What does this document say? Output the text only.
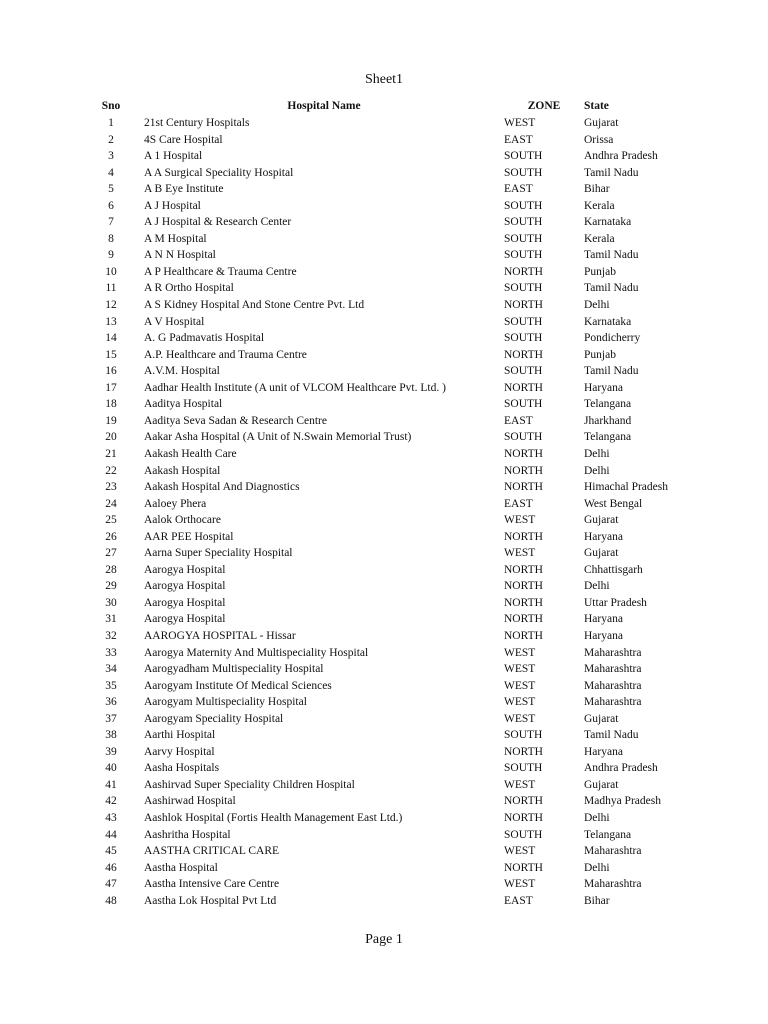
Sheet1
Sno	Hospital Name	ZONE	State
1	21st Century Hospitals	WEST	Gujarat
2	4S Care Hospital	EAST	Orissa
3	A 1 Hospital	SOUTH	Andhra Pradesh
4	A A Surgical Speciality Hospital	SOUTH	Tamil Nadu
5	A B Eye Institute	EAST	Bihar
6	A J Hospital	SOUTH	Kerala
7	A J Hospital & Research Center	SOUTH	Karnataka
8	A M Hospital	SOUTH	Kerala
9	A N N Hospital	SOUTH	Tamil Nadu
10	A P Healthcare & Trauma Centre	NORTH	Punjab
11	A R Ortho Hospital	SOUTH	Tamil Nadu
12	A S Kidney Hospital And Stone Centre Pvt. Ltd	NORTH	Delhi
13	A V Hospital	SOUTH	Karnataka
14	A. G Padmavatis Hospital	SOUTH	Pondicherry
15	A.P. Healthcare and Trauma Centre	NORTH	Punjab
16	A.V.M. Hospital	SOUTH	Tamil Nadu
17	Aadhar Health Institute (A unit of VLCOM Healthcare Pvt. Ltd. )	NORTH	Haryana
18	Aaditya Hospital	SOUTH	Telangana
19	Aaditya Seva Sadan & Research Centre	EAST	Jharkhand
20	Aakar Asha Hospital (A Unit of N.Swain Memorial Trust)	SOUTH	Telangana
21	Aakash Health Care	NORTH	Delhi
22	Aakash Hospital	NORTH	Delhi
23	Aakash Hospital And Diagnostics	NORTH	Himachal Pradesh
24	Aaloey Phera	EAST	West Bengal
25	Aalok Orthocare	WEST	Gujarat
26	AAR PEE Hospital	NORTH	Haryana
27	Aarna Super Speciality Hospital	WEST	Gujarat
28	Aarogya Hospital	NORTH	Chhattisgarh
29	Aarogya Hospital	NORTH	Delhi
30	Aarogya Hospital	NORTH	Uttar Pradesh
31	Aarogya Hospital	NORTH	Haryana
32	AAROGYA HOSPITAL - Hissar	NORTH	Haryana
33	Aarogya Maternity And Multispeciality Hospital	WEST	Maharashtra
34	Aarogyadham Multispeciality Hospital	WEST	Maharashtra
35	Aarogyam Institute Of Medical Sciences	WEST	Maharashtra
36	Aarogyam Multispeciality Hospital	WEST	Maharashtra
37	Aarogyam Speciality Hospital	WEST	Gujarat
38	Aarthi Hospital	SOUTH	Tamil Nadu
39	Aarvy Hospital	NORTH	Haryana
40	Aasha Hospitals	SOUTH	Andhra Pradesh
41	Aashirvad Super Speciality Children Hospital	WEST	Gujarat
42	Aashirwad Hospital	NORTH	Madhya Pradesh
43	Aashlok Hospital (Fortis Health Management East Ltd.)	NORTH	Delhi
44	Aashritha Hospital	SOUTH	Telangana
45	AASTHA CRITICAL CARE	WEST	Maharashtra
46	Aastha Hospital	NORTH	Delhi
47	Aastha Intensive Care Centre	WEST	Maharashtra
48	Aastha Lok Hospital Pvt Ltd	EAST	Bihar
Page 1
